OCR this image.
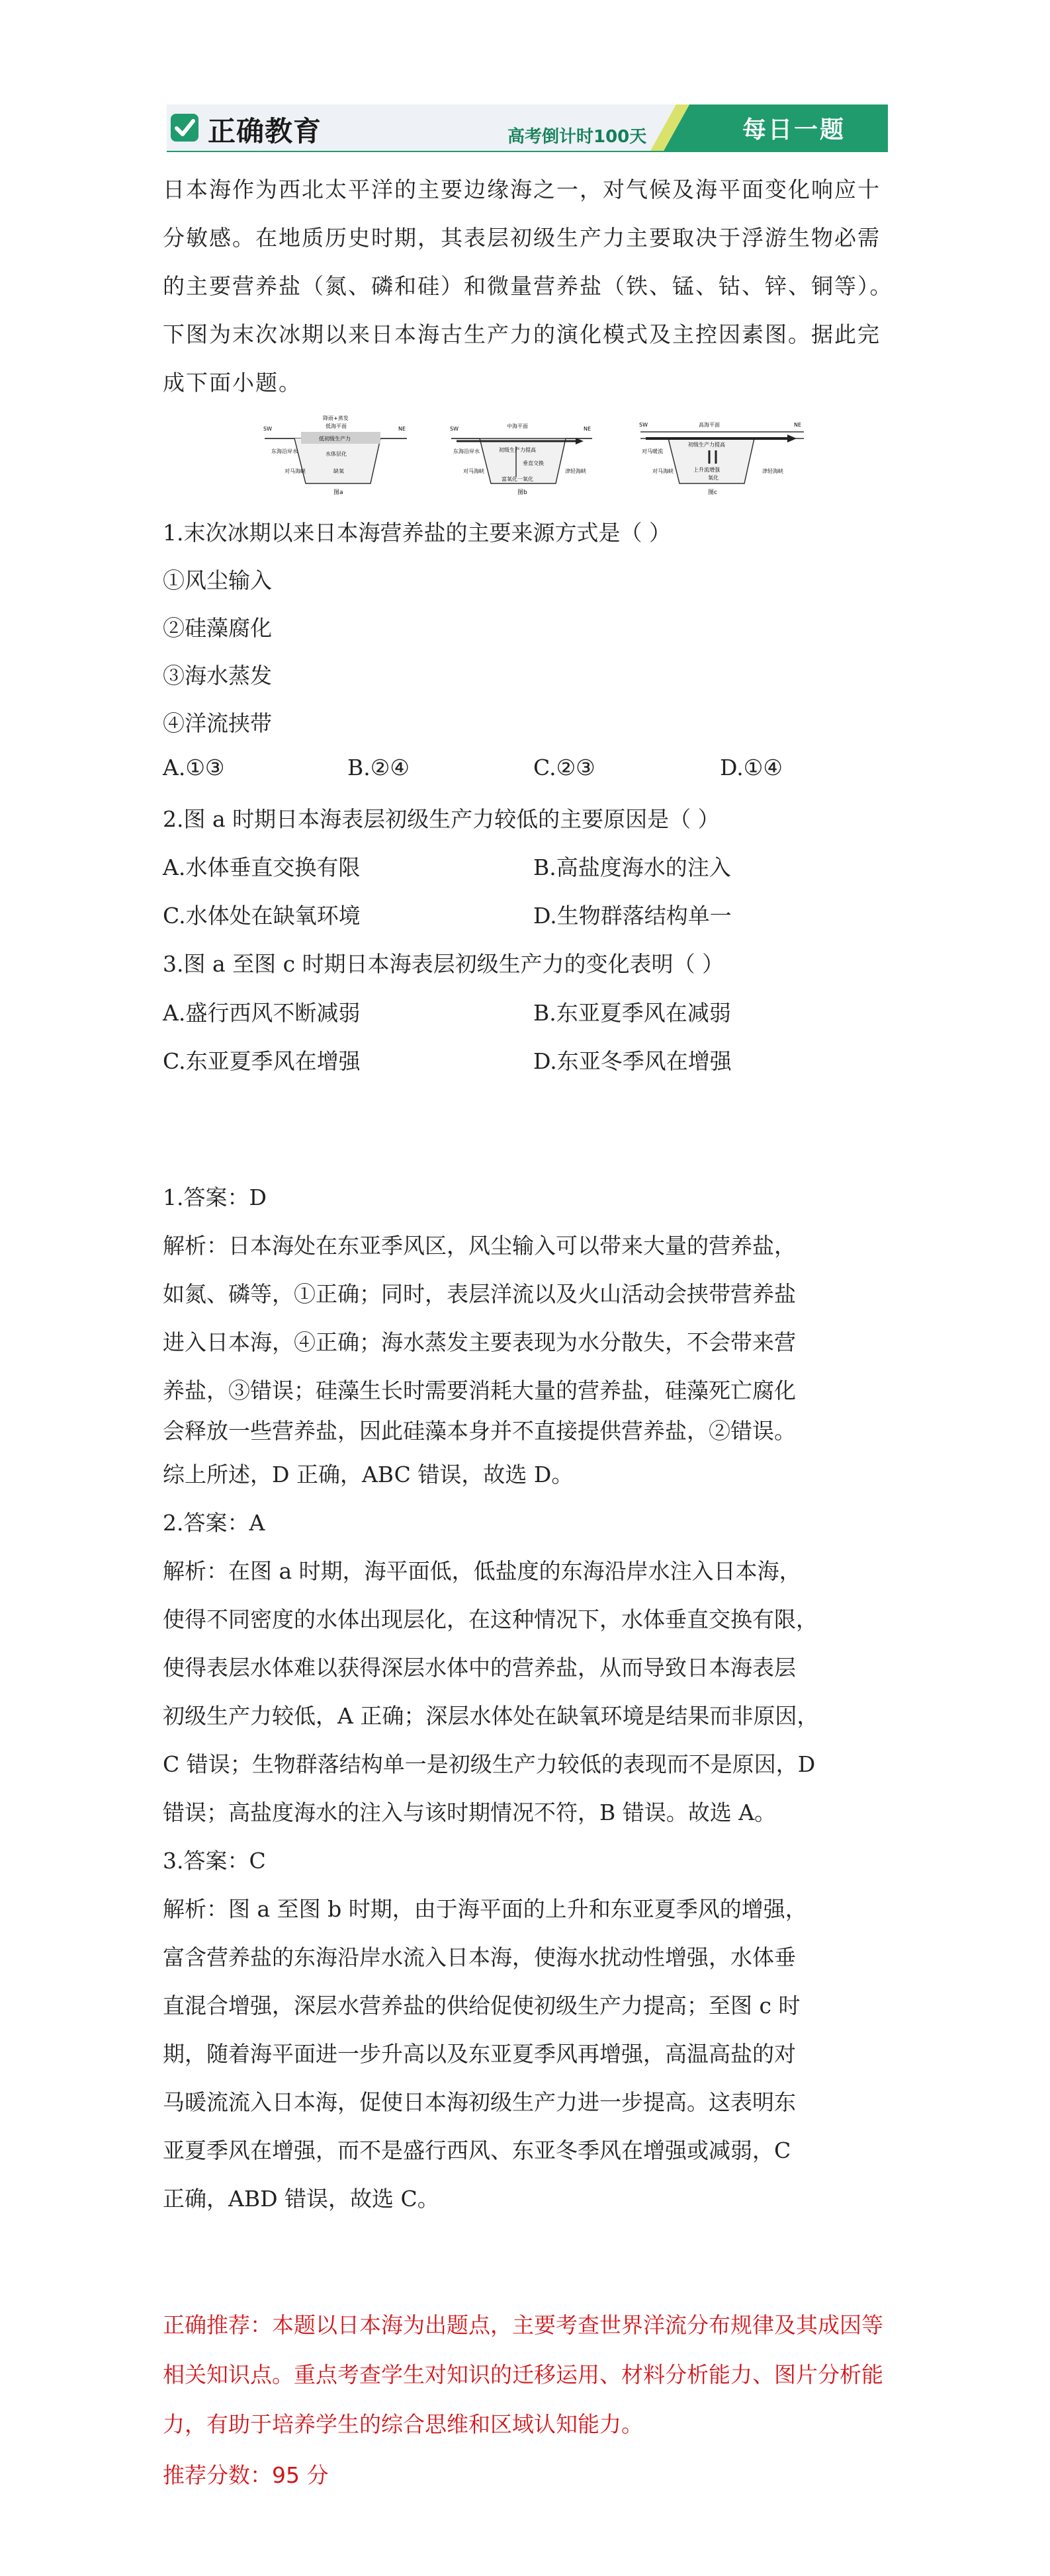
正确教育	高考倒计时100天	每日一题

日本海作为西北太平洋的主要边缘海之一，对气候及海平面变化响应十分敏感。在地质历史时期，其表层初级生产力主要取决于浮游生物必需的主要营养盐（氮、磷和硅）和微量营养盐（铁、锰、钴、锌、铜等）。下图为末次冰期以来日本海古生产力的演化模式及主控因素图。据此完成下面小题。

SW	NE
东海沿岸水
降雨+蒸发
低海平面
低初级生产力
水体层化
缺氧
对马海峡
图a
SW	NE
东海沿岸水
中海平面
初级生产力提高
垂直交换
富氧化一氧化
对马海峡	津轻海峡
图b
SW	NE
对马暖流
高海平面
初级生产力提高
上升流增强
氧化
对马海峡	津轻海峡
图c

1.末次冰期以来日本海营养盐的主要来源方式是（ ）

①风尘输入

②硅藻腐化

③海水蒸发

④洋流挟带

A.①③	B.②④	C.②③	D.①④

2.图 a 时期日本海表层初级生产力较低的主要原因是（ ）

A.水体垂直交换有限	B.高盐度海水的注入

C.水体处在缺氧环境	D.生物群落结构单一

3.图 a 至图 c 时期日本海表层初级生产力的变化表明（ ）

A.盛行西风不断减弱	B.东亚夏季风在减弱

C.东亚夏季风在增强	D.东亚冬季风在增强

1.答案：D

解析：日本海处在东亚季风区，风尘输入可以带来大量的营养盐，

如氮、磷等，①正确；同时，表层洋流以及火山活动会挟带营养盐

进入日本海，④正确；海水蒸发主要表现为水分散失，不会带来营

养盐，③错误；硅藻生长时需要消耗大量的营养盐，硅藻死亡腐化

会释放一些营养盐，因此硅藻本身并不直接提供营养盐，②错误。

综上所述，D 正确，ABC 错误，故选 D。

2.答案：A

解析：在图 a 时期，海平面低，低盐度的东海沿岸水注入日本海，

使得不同密度的水体出现层化，在这种情况下，水体垂直交换有限，

使得表层水体难以获得深层水体中的营养盐，从而导致日本海表层

初级生产力较低，A 正确；深层水体处在缺氧环境是结果而非原因，

C 错误；生物群落结构单一是初级生产力较低的表现而不是原因，D

错误；高盐度海水的注入与该时期情况不符，B 错误。故选 A。

3.答案：C

解析：图 a 至图 b 时期，由于海平面的上升和东亚夏季风的增强，

富含营养盐的东海沿岸水流入日本海，使海水扰动性增强，水体垂

直混合增强，深层水营养盐的供给促使初级生产力提高；至图 c 时

期，随着海平面进一步升高以及东亚夏季风再增强，高温高盐的对

马暖流流入日本海，促使日本海初级生产力进一步提高。这表明东

亚夏季风在增强，而不是盛行西风、东亚冬季风在增强或减弱，C

正确，ABD 错误，故选 C。

正确推荐：本题以日本海为出题点，主要考查世界洋流分布规律及其成因等相关知识点。重点考查学生对知识的迁移运用、材料分析能力、图片分析能力，有助于培养学生的综合思维和区域认知能力。

推荐分数：95 分
